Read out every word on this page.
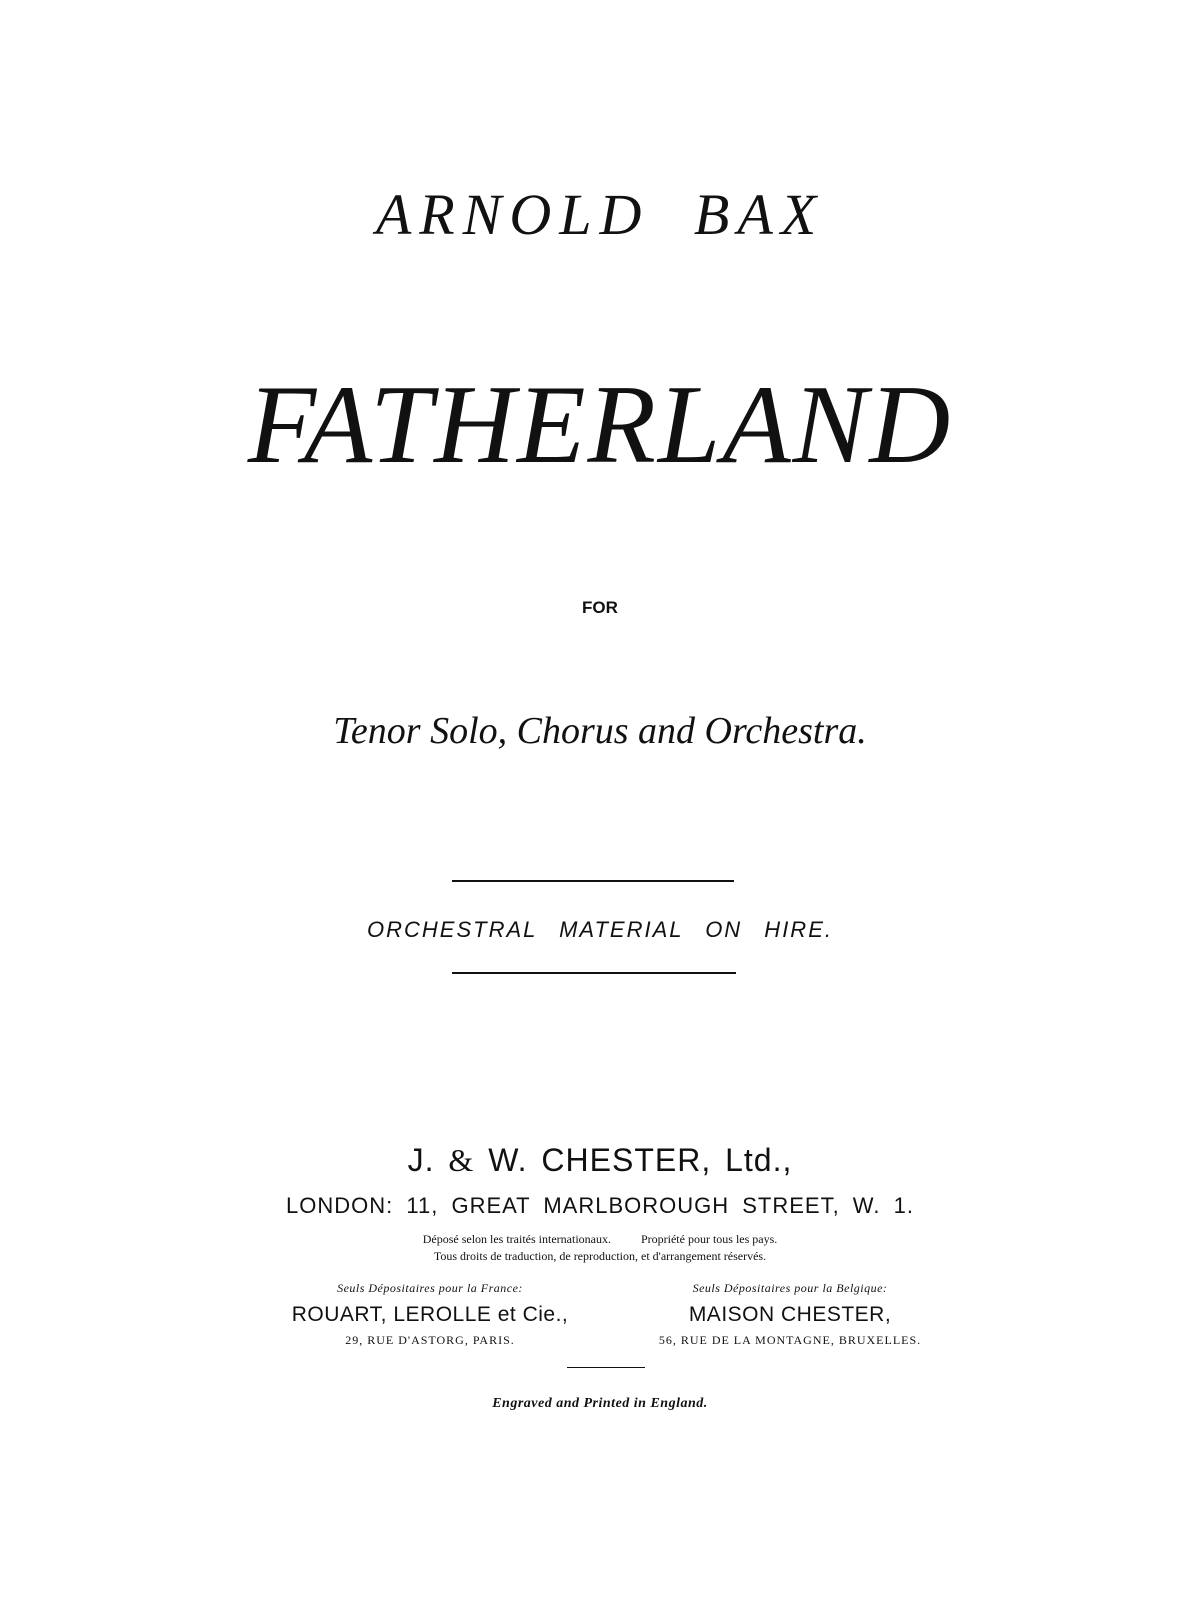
ARNOLD BAX
FATHERLAND
FOR
Tenor Solo, Chorus and Orchestra.
ORCHESTRAL MATERIAL ON HIRE.
J. & W. CHESTER, Ltd.,
LONDON: 11, GREAT MARLBOROUGH STREET, W. 1.
Déposé selon les traités internationaux.	Propriété pour tous les pays.
Tous droits de traduction, de reproduction, et d'arrangement réservés.
Seuls Dépositaires pour la France:
ROUART, LEROLLE et Cie.,
29, RUE D'ASTORG, PARIS.
Seuls Dépositaires pour la Belgique:
MAISON CHESTER,
56, RUE DE LA MONTAGNE, BRUXELLES.
Engraved and Printed in England.
